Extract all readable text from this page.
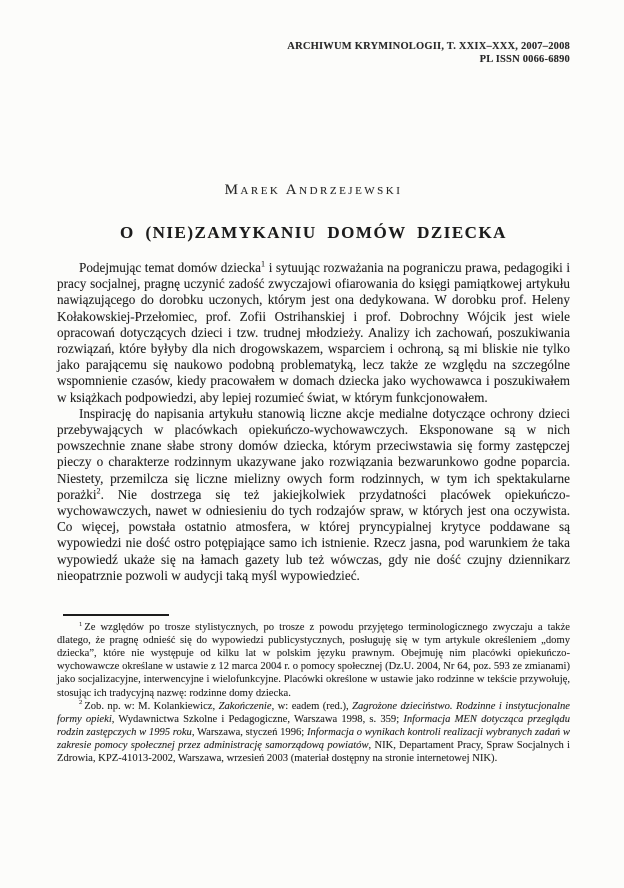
ARCHIWUM KRYMINOLOGII, T. XXIX–XXX, 2007–2008
PL ISSN 0066-6890
Marek Andrzejewski
O (NIE)ZAMYKANIU DOMÓW DZIECKA

Podejmując temat domów dziecka$^1$ i sytuując rozważania na pograniczu prawa, pedagogiki i pracy socjalnej, pragnę uczynić zadość zwyczajowi ofiarowania do księgi pamiątkowej artykułu nawiązującego do dorobku uczonych, którym jest ona dedykowana. W dorobku prof. Heleny Kołakowskiej-Przełomiec, prof. Zofii Ostrihanskiej i prof. Dobrochny Wójcik jest wiele opracowań dotyczących dzieci i tzw. trudnej młodzieży. Analizy ich zachowań, poszukiwania rozwiązań, które byłyby dla nich drogowskazem, wsparciem i ochroną, są mi bliskie nie tylko jako parającemu się naukowo podobną problematyką, lecz także ze względu na szczególne wspomnienie czasów, kiedy pracowałem w domach dziecka jako wychowawca i poszukiwałem w książkach podpowiedzi, aby lepiej rozumieć świat, w którym funkcjonowałem.

Inspirację do napisania artykułu stanowią liczne akcje medialne dotyczące ochrony dzieci przebywających w placówkach opiekuńczo-wychowawczych. Eksponowane są w nich powszechnie znane słabe strony domów dziecka, którym przeciwstawia się formy zastępczej pieczy o charakterze rodzinnym ukazywane jako rozwiązania bezwarunkowo godne poparcia. Niestety, przemilcza się liczne mielizny owych form rodzinnych, w tym ich spektakularne porażki$^2$. Nie dostrzega się też jakiejkolwiek przydatności placówek opiekuńczo-wychowawczych, nawet w odniesieniu do tych rodzajów spraw, w których jest ona oczywista. Co więcej, powstała ostatnio atmosfera, w której pryncypialnej krytyce poddawane są wypowiedzi nie dość ostro potępiające samo ich istnienie. Rzecz jasna, pod warunkiem że taka wypowiedź ukaże się na łamach gazety lub też wówczas, gdy nie dość czujny dziennikarz nieopatrznie pozwoli w audycji taką myśl wypowiedzieć.

$^1$ Ze względów po trosze stylistycznych, po trosze z powodu przyjętego terminologicznego zwyczaju a także dlatego, że pragnę odnieść się do wypowiedzi publicystycznych, posługuję się w tym artykule określeniem „domy dziecka”, które nie występuje od kilku lat w polskim języku prawnym. Obejmuję nim placówki opiekuńczo-wychowawcze określane w ustawie z 12 marca 2004 r. o pomocy społecznej (Dz.U. 2004, Nr 64, poz. 593 ze zmianami) jako socjalizacyjne, interwencyjne i wielofunkcyjne. Placówki określone w ustawie jako rodzinne w tekście przywołuję, stosując ich tradycyjną nazwę: rodzinne domy dziecka.

$^2$ Zob. np. w: M. Kolankiewicz, Zakończenie, w: eadem (red.), Zagrożone dzieciństwo. Rodzinne i instytucjonalne formy opieki, Wydawnictwa Szkolne i Pedagogiczne, Warszawa 1998, s. 359; Informacja MEN dotycząca przeglądu rodzin zastępczych w 1995 roku, Warszawa, styczeń 1996; Informacja o wynikach kontroli realizacji wybranych zadań w zakresie pomocy społecznej przez administrację samorządową powiatów, NIK, Departament Pracy, Spraw Socjalnych i Zdrowia, KPZ-41013-2002, Warszawa, wrzesień 2003 (materiał dostępny na stronie internetowej NIK).
